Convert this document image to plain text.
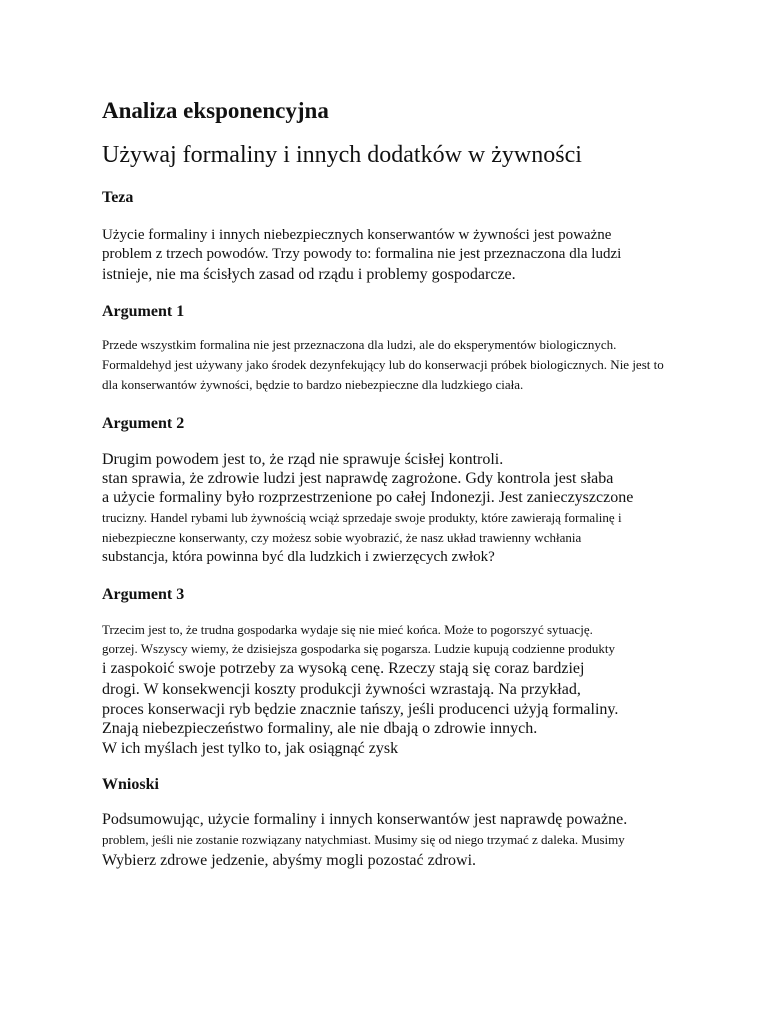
Analiza eksponencyjna
Używaj formaliny i innych dodatków w żywności
Teza
Użycie formaliny i innych niebezpiecznych konserwantów w żywności jest poważne
problem z trzech powodów. Trzy powody to: formalina nie jest przeznaczona dla ludzi
istnieje, nie ma ścisłych zasad od rządu i problemy gospodarcze.
Argument 1
Przede wszystkim formalina nie jest przeznaczona dla ludzi, ale do eksperymentów biologicznych.
Formaldehyd jest używany jako środek dezynfekujący lub do konserwacji próbek biologicznych. Nie jest to
dla konserwantów żywności, będzie to bardzo niebezpieczne dla ludzkiego ciała.
Argument 2
Drugim powodem jest to, że rząd nie sprawuje ścisłej kontroli.
stan sprawia, że zdrowie ludzi jest naprawdę zagrożone. Gdy kontrola jest słaba
a użycie formaliny było rozprzestrzenione po całej Indonezji. Jest zanieczyszczone
trucizny. Handel rybami lub żywnością wciąż sprzedaje swoje produkty, które zawierają formalinę i
niebezpieczne konserwanty, czy możesz sobie wyobrazić, że nasz układ trawienny wchłania
substancja, która powinna być dla ludzkich i zwierzęcych zwłok?
Argument 3
Trzecim jest to, że trudna gospodarka wydaje się nie mieć końca. Może to pogorszyć sytuację.
gorzej. Wszyscy wiemy, że dzisiejsza gospodarka się pogarsza. Ludzie kupują codzienne produkty
i zaspokoić swoje potrzeby za wysoką cenę. Rzeczy stają się coraz bardziej
drogi. W konsekwencji koszty produkcji żywności wzrastają. Na przykład,
proces konserwacji ryb będzie znacznie tańszy, jeśli producenci użyją formaliny.
Znają niebezpieczeństwo formaliny, ale nie dbają o zdrowie innych.
W ich myślach jest tylko to, jak osiągnąć zysk
Wnioski
Podsumowując, użycie formaliny i innych konserwantów jest naprawdę poważne.
problem, jeśli nie zostanie rozwiązany natychmiast. Musimy się od niego trzymać z daleka. Musimy
Wybierz zdrowe jedzenie, abyśmy mogli pozostać zdrowi.
